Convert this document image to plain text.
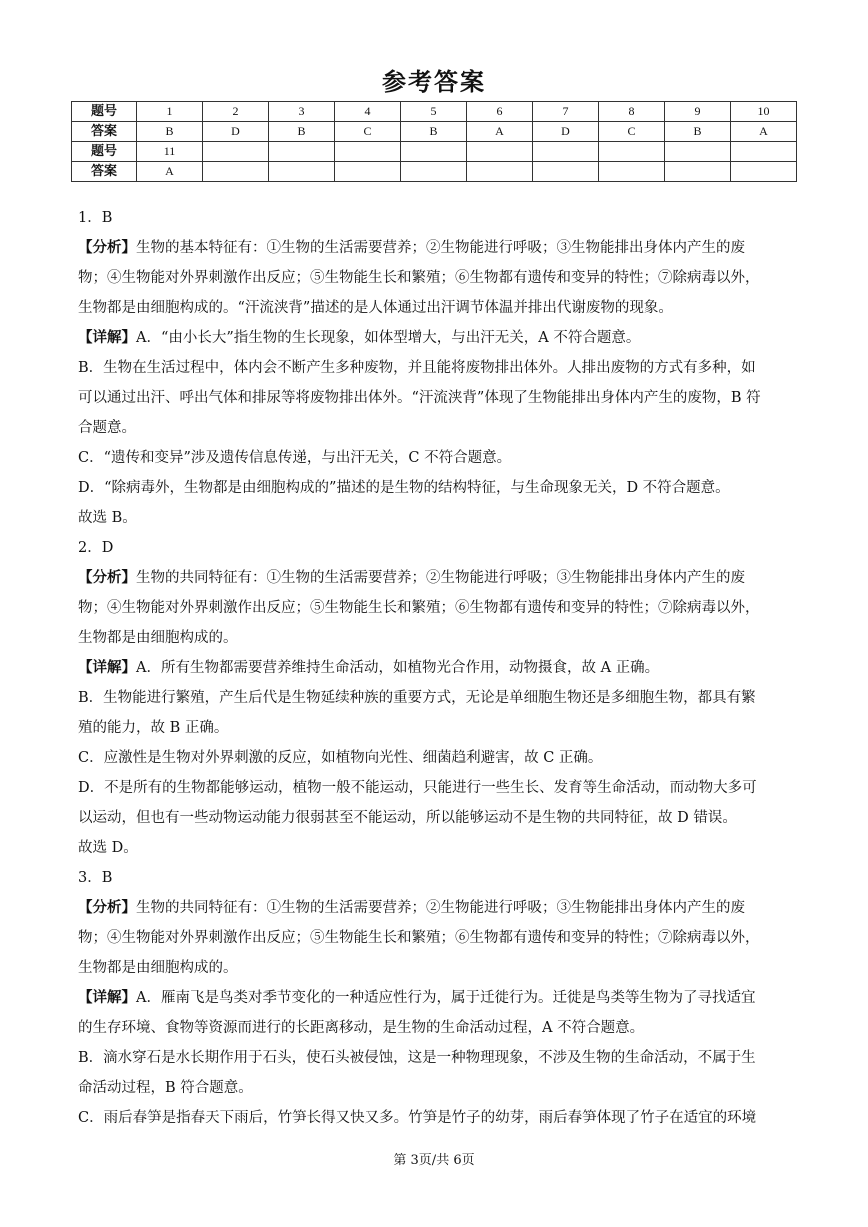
参考答案
题号	1	2	3	4	5	6	7	8	9	10
答案	B	D	B	C	B	A	D	C	B	A
题号	11									
答案	A									
1．B
【分析】生物的基本特征有：①生物的生活需要营养；②生物能进行呼吸；③生物能排出身体内产生的废
物；④生物能对外界刺激作出反应；⑤生物能生长和繁殖；⑥生物都有遗传和变异的特性；⑦除病毒以外，
生物都是由细胞构成的。“汗流浃背”描述的是人体通过出汗调节体温并排出代谢废物的现象。
【详解】A．“由小长大”指生物的生长现象，如体型增大，与出汗无关，A 不符合题意。
B．生物在生活过程中，体内会不断产生多种废物，并且能将废物排出体外。人排出废物的方式有多种，如
可以通过出汗、呼出气体和排尿等将废物排出体外。“汗流浃背”体现了生物能排出身体内产生的废物，B 符
合题意。
C．“遗传和变异”涉及遗传信息传递，与出汗无关，C 不符合题意。
D．“除病毒外，生物都是由细胞构成的”描述的是生物的结构特征，与生命现象无关，D 不符合题意。
故选 B。
2．D
【分析】生物的共同特征有：①生物的生活需要营养；②生物能进行呼吸；③生物能排出身体内产生的废
物；④生物能对外界刺激作出反应；⑤生物能生长和繁殖；⑥生物都有遗传和变异的特性；⑦除病毒以外，
生物都是由细胞构成的。
【详解】A．所有生物都需要营养维持生命活动，如植物光合作用，动物摄食，故 A 正确。
B．生物能进行繁殖，产生后代是生物延续种族的重要方式，无论是单细胞生物还是多细胞生物，都具有繁
殖的能力，故 B 正确。
C．应激性是生物对外界刺激的反应，如植物向光性、细菌趋利避害，故 C 正确。
D．不是所有的生物都能够运动，植物一般不能运动，只能进行一些生长、发育等生命活动，而动物大多可
以运动，但也有一些动物运动能力很弱甚至不能运动，所以能够运动不是生物的共同特征，故 D 错误。
故选 D。
3．B
【分析】生物的共同特征有：①生物的生活需要营养；②生物能进行呼吸；③生物能排出身体内产生的废
物；④生物能对外界刺激作出反应；⑤生物能生长和繁殖；⑥生物都有遗传和变异的特性；⑦除病毒以外，
生物都是由细胞构成的。
【详解】A．雁南飞是鸟类对季节变化的一种适应性行为，属于迁徙行为。迁徙是鸟类等生物为了寻找适宜
的生存环境、食物等资源而进行的长距离移动，是生物的生命活动过程，A 不符合题意。
B．滴水穿石是水长期作用于石头，使石头被侵蚀，这是一种物理现象，不涉及生物的生命活动，不属于生
命活动过程，B 符合题意。
C．雨后春笋是指春天下雨后，竹笋长得又快又多。竹笋是竹子的幼芽，雨后春笋体现了竹子在适宜的环境
第 3页/共 6页
